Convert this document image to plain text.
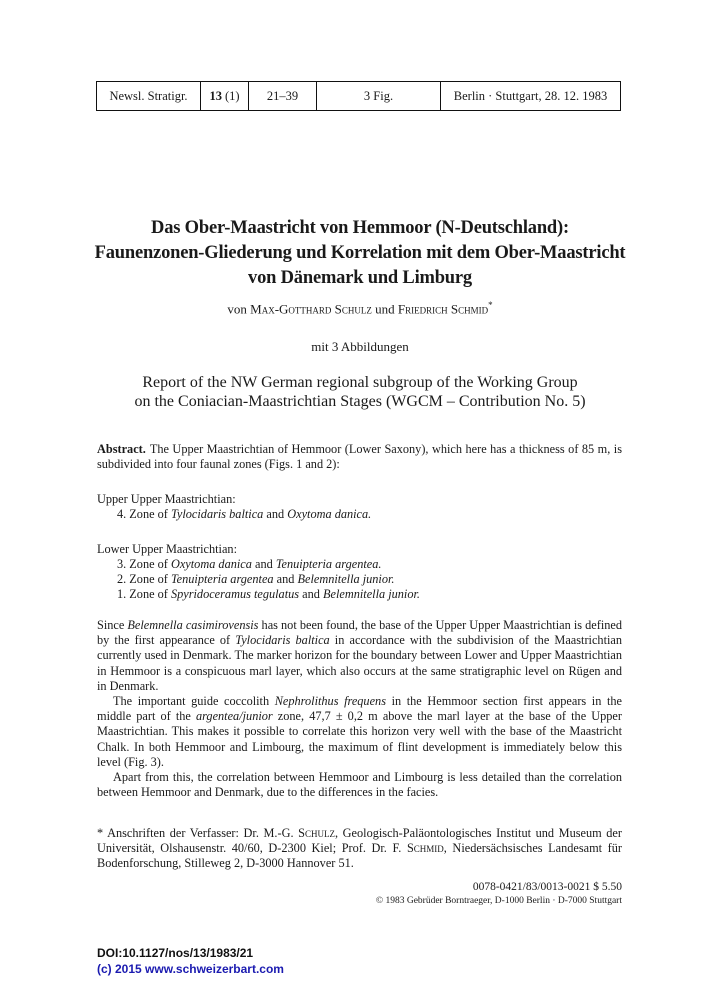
Newsl. Stratigr.	13 (1)	21–39	3 Fig.	Berlin · Stuttgart, 28. 12. 1983
Das Ober-Maastricht von Hemmoor (N-Deutschland):
Faunenzonen-Gliederung und Korrelation mit dem Ober-Maastricht
von Dänemark und Limburg
von Max-Gotthard Schulz und Friedrich Schmid*
mit 3 Abbildungen
Report of the NW German regional subgroup of the Working Group
on the Coniacian-Maastrichtian Stages (WGCM – Contribution No. 5)
Abstract. The Upper Maastrichtian of Hemmoor (Lower Saxony), which here has a thickness of 85 m, is subdivided into four faunal zones (Figs. 1 and 2):
Upper Upper Maastrichtian:
4. Zone of Tylocidaris baltica and Oxytoma danica.
Lower Upper Maastrichtian:
3. Zone of Oxytoma danica and Tenuipteria argentea.
2. Zone of Tenuipteria argentea and Belemnitella junior.
1. Zone of Spyridoceramus tegulatus and Belemnitella junior.
Since Belemnella casimirovensis has not been found, the base of the Upper Upper Maastrichtian is defined by the first appearance of Tylocidaris baltica in accordance with the subdivision of the Maastrichtian currently used in Denmark. The marker horizon for the boundary between Lower and Upper Maastrichtian in Hemmoor is a conspicuous marl layer, which also occurs at the same stratigraphic level on Rügen and in Denmark.
The important guide coccolith Nephrolithus frequens in the Hemmoor section first appears in the middle part of the argentea/junior zone, 47,7 ± 0,2 m above the marl layer at the base of the Upper Maastrichtian. This makes it possible to correlate this horizon very well with the base of the Maastricht Chalk. In both Hemmoor and Limbourg, the maximum of flint development is immediately below this level (Fig. 3).
Apart from this, the correlation between Hemmoor and Limbourg is less detailed than the correlation between Hemmoor and Denmark, due to the differences in the facies.
* Anschriften der Verfasser: Dr. M.-G. Schulz, Geologisch-Paläontologisches Institut und Museum der Universität, Olshausenstr. 40/60, D-2300 Kiel; Prof. Dr. F. Schmid, Niedersächsisches Landesamt für Bodenforschung, Stilleweg 2, D-3000 Hannover 51.
0078-0421/83/0013-0021 $ 5.50
© 1983 Gebrüder Borntraeger, D-1000 Berlin · D-7000 Stuttgart
DOI:10.1127/nos/13/1983/21
(c) 2015 www.schweizerbart.com
